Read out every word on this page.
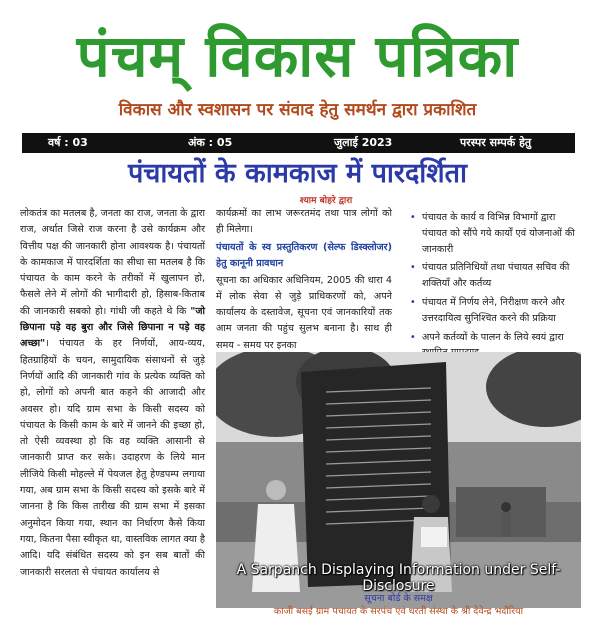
पंचम् विकास पत्रिका
विकास और स्वशासन पर संवाद हेतु समर्थन द्वारा प्रकाशित
वर्ष : 03	अंक : 05	जुलाई 2023	परस्पर सम्पर्क हेतु
पंचायतों के कामकाज में पारदर्शिता
श्याम बोहरे द्वारा
लोकतंत्र का मतलब है, जनता का राज, जनता के द्वारा राज, अर्थात जिसे राज करना है उसे कार्यक्रम और वित्तीय पक्ष की जानकारी होना आवश्यक है। पंचायतों के कामकाज में पारदर्शिता का सीधा सा मतलब है कि पंचायत के काम करने के तरीकों में खुलापन हो, फैसले लेने में लोगों की भागीदारी हो, हिसाब-किताब की जानकारी सबको हो। गांधी जी कहते थे कि "जो छिपाना पड़े वह बुरा और जिसे छिपाना न पड़े वह अच्छा"। पंचायत के हर निर्णयों, आय-व्यय, हितग्राहियों के चयन, सामुदायिक संसाधनों से जुड़े निर्णयों आदि की जानकारी गांव के प्रत्येक व्यक्ति को हो, लोगों को अपनी बात कहने की आजादी और अवसर हो। यदि ग्राम सभा के किसी सदस्य को पंचायत के किसी काम के बारे में जानने की इच्छा हो, तो ऐसी व्यवस्था हो कि वह व्यक्ति आसानी से जानकारी प्राप्त कर सके। उदाहरण के लिये मान लीजिये किसी मोहल्ले में पेयजल हेतु हेण्डपम्प लगाया गया, अब ग्राम सभा के किसी सदस्य को इसके बारे में जानना है कि किस तारीख की ग्राम सभा में इसका अनुमोदन किया गया, स्थान का निर्धारण कैसे किया गया, कितना पैसा स्वीकृत था, वास्तविक लागत क्या है आदि। यदि संबंधित सदस्य को इन सब बातों की जानकारी सरलता से पंचायत कार्यालय से
कार्यक्रमों का लाभ जरूरतमंद तथा पात्र लोगों को ही मिलेगा।
पंचायतों के स्व प्रस्तुतिकरण (सेल्फ डिस्क्लोजर) हेतु कानूनी प्रावधान
सूचना का अधिकार अधिनियम, 2005 की धारा 4 में लोक सेवा से जुड़े प्राधिकरणों को, अपने कार्यालय के दस्तावेज, सूचना एवं जानकारियों तक आम जनता की पहुंच सुलभ बनाना है। साथ ही समय - समय पर इनका
• पंचायत के कार्य व विभिन्न विभागों द्वारा पंचायत को सौंपे गये कार्यों एवं योजनाओं की जानकारी
• पंचायत प्रतिनिधियों तथा पंचायत सचिव की शक्तियाँ और कर्तव्य
• पंचायत में निर्णय लेने, निरीक्षण करने और उत्तरदायित्व सुनिश्चित करने की प्रक्रिया
• अपने कर्तव्यों के पालन के लिये स्वयं द्वारा
A Sarpanch Displaying Information under Self-Disclosure
सूचना बोर्ड के समक्ष
काजी बसई ग्राम पचायत के सरपंच एवं धरती संस्था के श्री देवेन्द्र भदौरिया
